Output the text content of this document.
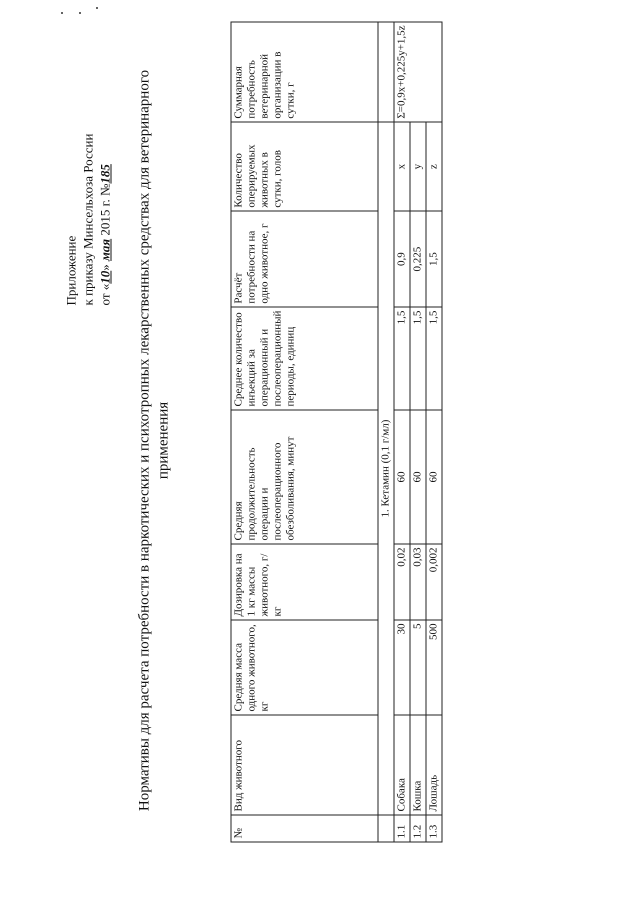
Приложение к приказу Минсельхоза России от «10» мая 2015 г. №185 Нормативы для расчета потребности в наркотических и психотропных лекарственных средствах для ветеринарного применения
№	Вид животного	Средняя масса одного животного, кг	Дозировка на 1 кг массы животного, г/кг	Средняя продолжительность операции и послеоперационного обезболивания, минут	Среднее количество инъекций за операционный и послеоперационный периоды, единиц	Расчёт потребности на одно животное, г	Количество оперируемых животных в сутки, голов	Суммарная потребность ветеринарной организации в сутки, г
	1. Кетамин (0,1 г/мл)							
1.1	Собака	30	0,02	60	1,5	0,9	x	Σ=0,9x+0,225y+1,5z
1.2	Кошка	5	0,03	60	1,5	0,225	y	
1.3	Лошадь	500	0,002	60	1,5	1,5	z	
